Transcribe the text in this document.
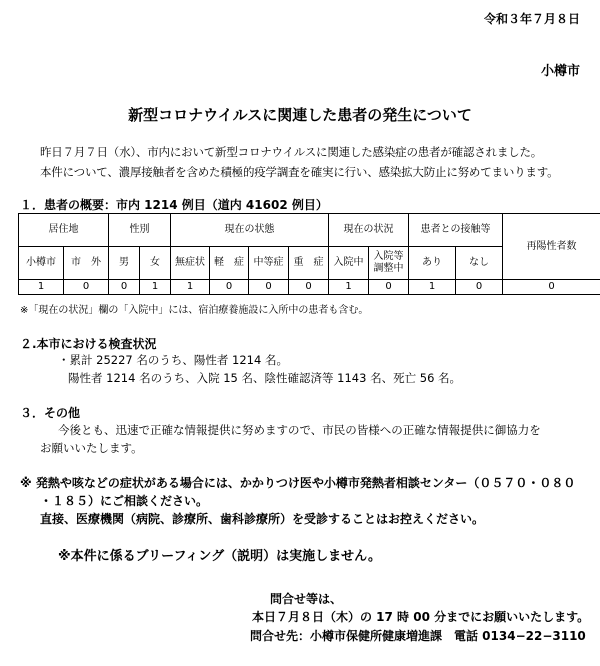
令和３年７月８日
小樽市
新型コロナウイルスに関連した患者の発生について
昨日７月７日（水）、市内において新型コロナウイルスに関連した感染症の患者が確認されました。
本件について、濃厚接触者を含めた積極的疫学調査を確実に行い、感染拡大防止に努めてまいります。
１．患者の概要：市内 1214 例目（道内 41602 例目）
居住地		性別		現在の状態				現在の状況		患者との接触等		再陽性者数
小樽市	市　外	男	女	無症状	軽　症	中等症	重　症	入院中	入院等
調整中	あり	なし	
1	0	0	1	1	0	0	0	1	0	1	0	0
※「現在の状況」欄の「入院中」には、宿泊療養施設に入所中の患者も含む。
２.本市における検査状況
・累計 25227 名のうち、陽性者 1214 名。
陽性者 1214 名のうち、入院 15 名、陰性確認済等 1143 名、死亡 56 名。
３．その他
今後とも、迅速で正確な情報提供に努めますので、市民の皆様への正確な情報提供に御協力を
お願いいたします。
※ 発熱や咳などの症状がある場合には、かかりつけ医や小樽市発熱者相談センター（０５７０・０８０
・１８５）にご相談ください。
直接、医療機関（病院、診療所、歯科診療所）を受診することはお控えください。
※本件に係るブリーフィング（説明）は実施しません。
問合せ等は、
本日７月８日（木）の 17 時 00 分までにお願いいたします。
問合せ先：小樽市保健所健康増進課　電話 0134−22−3110
